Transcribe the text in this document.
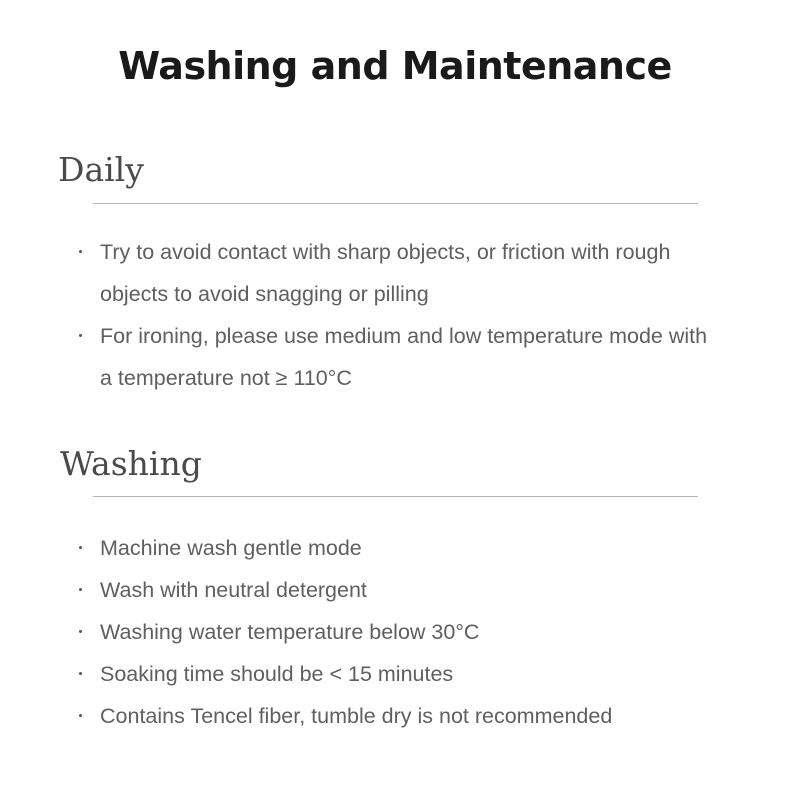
Washing and Maintenance
Daily
Try to avoid contact with sharp objects, or friction with rough objects to avoid snagging or pilling
For ironing, please use medium and low temperature mode with a temperature not ≥ 110°C
Washing
Machine wash gentle mode
Wash with neutral detergent
Washing water temperature below 30°C
Soaking time should be < 15 minutes
Contains Tencel fiber, tumble dry is not recommended
